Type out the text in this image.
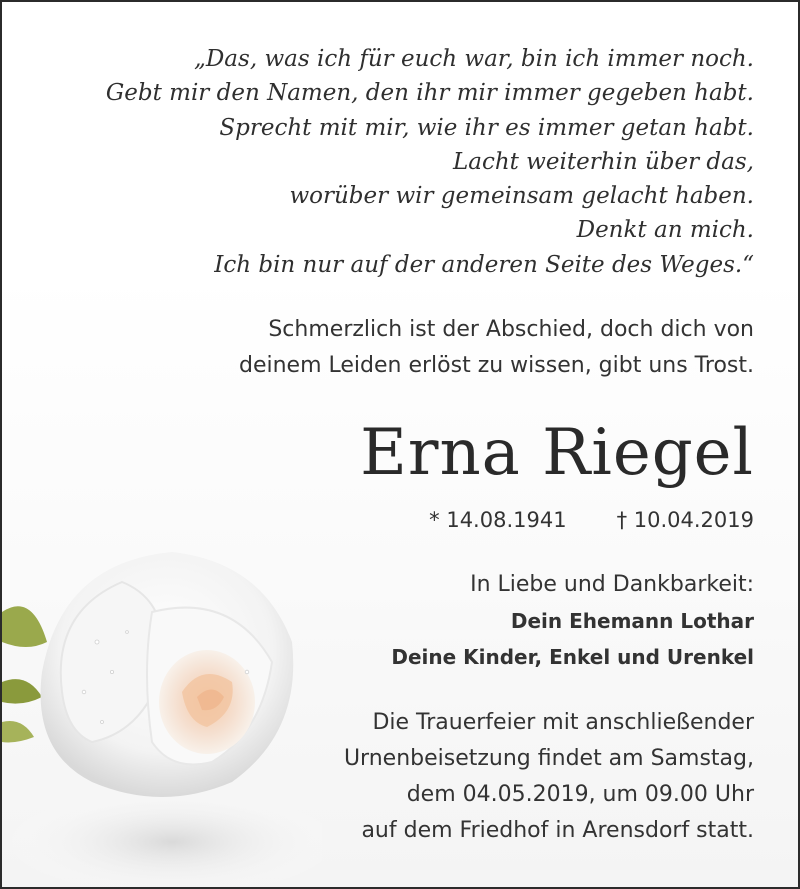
„Das, was ich für euch war, bin ich immer noch.
Gebt mir den Namen, den ihr mir immer gegeben habt.
Sprecht mit mir, wie ihr es immer getan habt.
Lacht weiterhin über das,
worüber wir gemeinsam gelacht haben.
Denkt an mich.
Ich bin nur auf der anderen Seite des Weges.“
Schmerzlich ist der Abschied, doch dich von
deinem Leiden erlöst zu wissen, gibt uns Trost.
Erna Riegel
* 14.08.1941 † 10.04.2019
In Liebe und Dankbarkeit:
Dein Ehemann Lothar
Deine Kinder, Enkel und Urenkel
Die Trauerfeier mit anschließender
Urnenbeisetzung findet am Samstag,
dem 04.05.2019, um 09.00 Uhr
auf dem Friedhof in Arensdorf statt.
